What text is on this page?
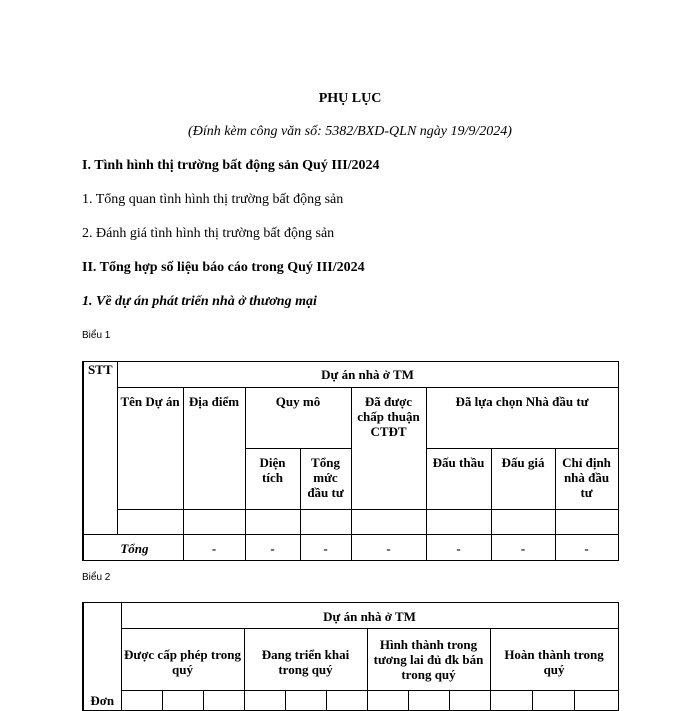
PHỤ LỤC
(Đính kèm công văn số: 5382/BXD-QLN ngày 19/9/2024)
I. Tình hình thị trường bất động sản Quý III/2024
1. Tổng quan tình hình thị trường bất động sản
2. Đánh giá tình hình thị trường bất động sản
II. Tổng hợp số liệu báo cáo trong Quý III/2024
1. Về dự án phát triển nhà ở thương mại
Biểu 1
STT	Dự án nhà ở TM							
	Tên Dự án	Địa điểm	Quy mô		Đã được chấp thuận CTĐT	Đã lựa chọn Nhà đầu tư		
			Diện tích	Tổng mức đầu tư		Đấu thầu	Đấu giá	Chỉ định nhà đầu tư

Tổng		-	-	-	-	-	-	-
Biểu 2
Đơn	Dự án nhà ở TM											
	Được cấp phép trong quý			Đang triển khai trong quý			Hình thành trong tương lai đủ đk bán trong quý			Hoàn thành trong quý		
